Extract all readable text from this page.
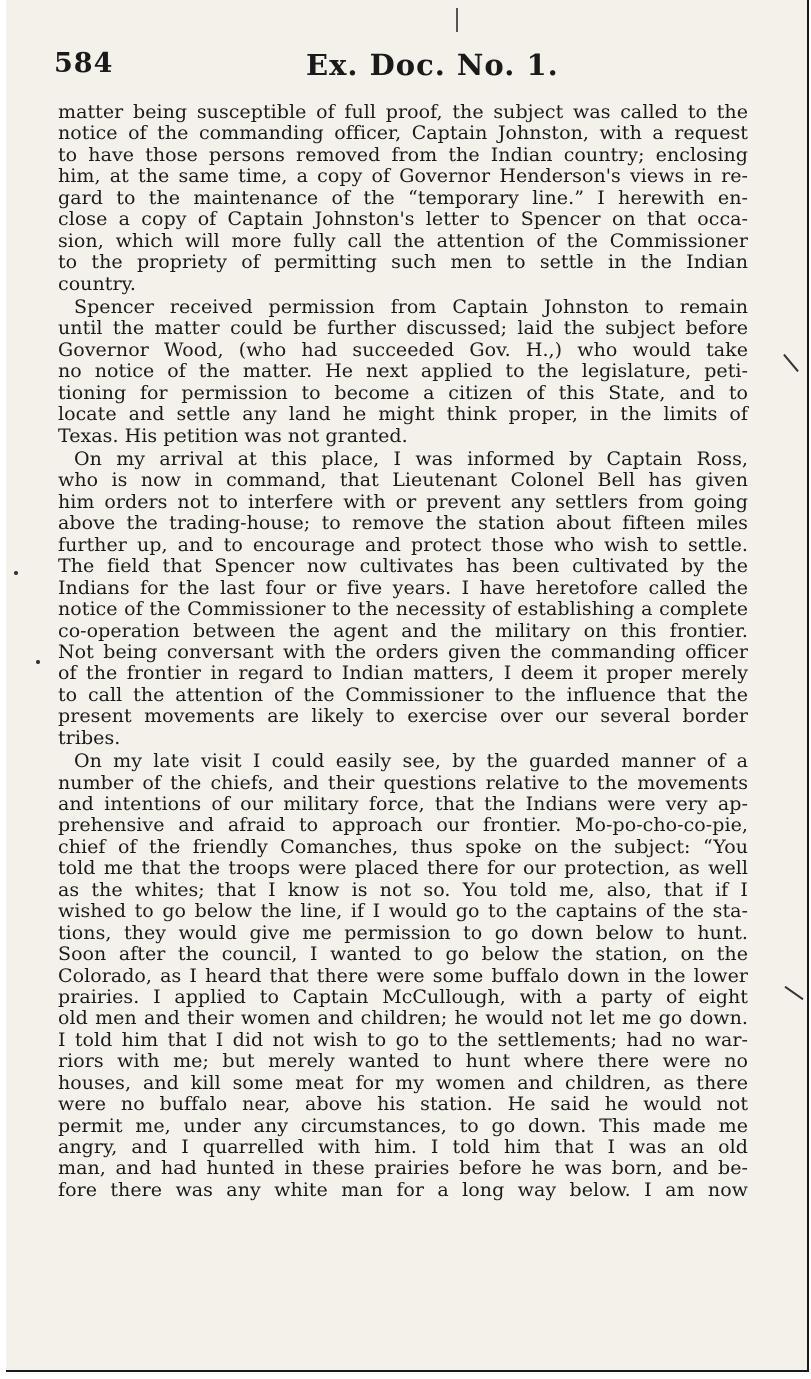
584	Ex. Doc. No. 1.
matter being susceptible of full proof, the subject was called to the
notice of the commanding officer, Captain Johnston, with a request
to have those persons removed from the Indian country; enclosing
him, at the same time, a copy of Governor Henderson's views in re-
gard to the maintenance of the “temporary line.” I herewith en-
close a copy of Captain Johnston's letter to Spencer on that occa-
sion, which will more fully call the attention of the Commissioner
to the propriety of permitting such men to settle in the Indian
country.
Spencer received permission from Captain Johnston to remain
until the matter could be further discussed; laid the subject before
Governor Wood, (who had succeeded Gov. H.,) who would take
no notice of the matter. He next applied to the legislature, peti-
tioning for permission to become a citizen of this State, and to
locate and settle any land he might think proper, in the limits of
Texas. His petition was not granted.
On my arrival at this place, I was informed by Captain Ross,
who is now in command, that Lieutenant Colonel Bell has given
him orders not to interfere with or prevent any settlers from going
above the trading-house; to remove the station about fifteen miles
further up, and to encourage and protect those who wish to settle.
The field that Spencer now cultivates has been cultivated by the
Indians for the last four or five years. I have heretofore called the
notice of the Commissioner to the necessity of establishing a complete
co-operation between the agent and the military on this frontier.
Not being conversant with the orders given the commanding officer
of the frontier in regard to Indian matters, I deem it proper merely
to call the attention of the Commissioner to the influence that the
present movements are likely to exercise over our several border
tribes.
On my late visit I could easily see, by the guarded manner of a
number of the chiefs, and their questions relative to the movements
and intentions of our military force, that the Indians were very ap-
prehensive and afraid to approach our frontier. Mo-po-cho-co-pie,
chief of the friendly Comanches, thus spoke on the subject: “You
told me that the troops were placed there for our protection, as well
as the whites; that I know is not so. You told me, also, that if I
wished to go below the line, if I would go to the captains of the sta-
tions, they would give me permission to go down below to hunt.
Soon after the council, I wanted to go below the station, on the
Colorado, as I heard that there were some buffalo down in the lower
prairies. I applied to Captain McCullough, with a party of eight
old men and their women and children; he would not let me go down.
I told him that I did not wish to go to the settlements; had no war-
riors with me; but merely wanted to hunt where there were no
houses, and kill some meat for my women and children, as there
were no buffalo near, above his station. He said he would not
permit me, under any circumstances, to go down. This made me
angry, and I quarrelled with him. I told him that I was an old
man, and had hunted in these prairies before he was born, and be-
fore there was any white man for a long way below. I am now
